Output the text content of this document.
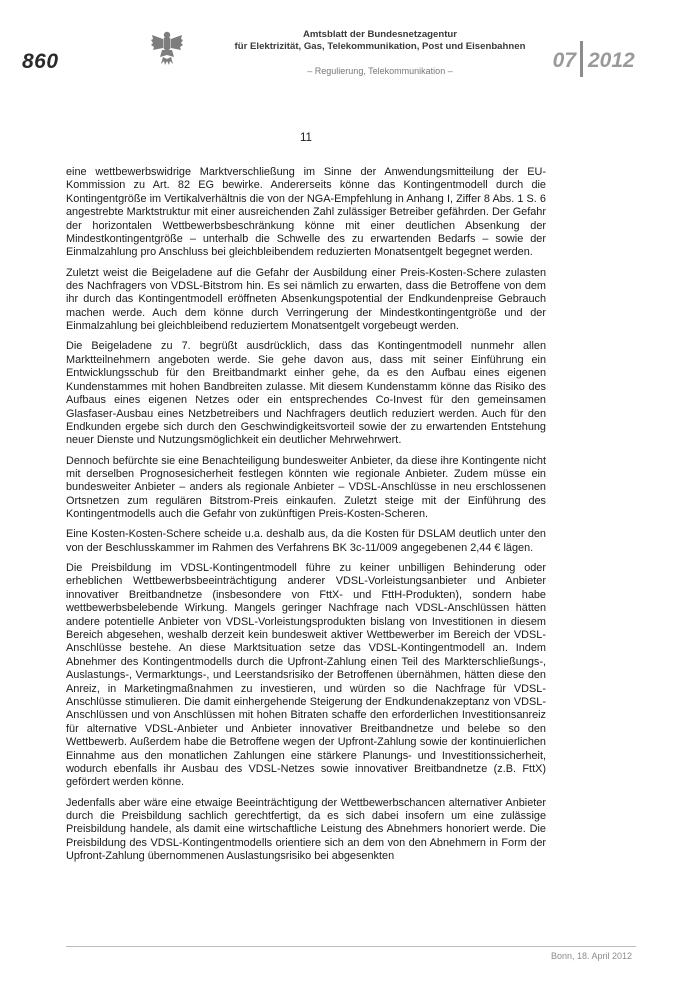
860
Amtsblatt der Bundesnetzagentur
für Elektrizität, Gas, Telekommunikation, Post und Eisenbahnen
– Regulierung, Telekommunikation –	07 2012
11

eine wettbewerbswidrige Marktverschließung im Sinne der Anwendungsmitteilung der EU-Kommission zu Art. 82 EG bewirke. Andererseits könne das Kontingentmodell durch die Kontingentgröße im Vertikalverhältnis die von der NGA-Empfehlung in Anhang I, Ziffer 8 Abs. 1 S. 6 angestrebte Marktstruktur mit einer ausreichenden Zahl zulässiger Betreiber gefährden. Der Gefahr der horizontalen Wettbewerbsbeschränkung könne mit einer deutlichen Absenkung der Mindestkontingentgröße – unterhalb die Schwelle des zu erwartenden Bedarfs – sowie der Einmalzahlung pro Anschluss bei gleichbleibendem reduzierten Monatsentgelt begegnet werden.

Zuletzt weist die Beigeladene auf die Gefahr der Ausbildung einer Preis-Kosten-Schere zulasten des Nachfragers von VDSL-Bitstrom hin. Es sei nämlich zu erwarten, dass die Betroffene von dem ihr durch das Kontingentmodell eröffneten Absenkungspotential der Endkundenpreise Gebrauch machen werde. Auch dem könne durch Verringerung der Mindestkontingentgröße und der Einmalzahlung bei gleichbleibend reduziertem Monatsentgelt vorgebeugt werden.

Die Beigeladene zu 7. begrüßt ausdrücklich, dass das Kontingentmodell nunmehr allen Marktteilnehmern angeboten werde. Sie gehe davon aus, dass mit seiner Einführung ein Entwicklungsschub für den Breitbandmarkt einher gehe, da es den Aufbau eines eigenen Kundenstammes mit hohen Bandbreiten zulasse. Mit diesem Kundenstamm könne das Risiko des Aufbaus eines eigenen Netzes oder ein entsprechendes Co-Invest für den gemeinsamen Glasfaser-Ausbau eines Netzbetreibers und Nachfragers deutlich reduziert werden. Auch für den Endkunden ergebe sich durch den Geschwindigkeitsvorteil sowie der zu erwartenden Entstehung neuer Dienste und Nutzungsmöglichkeit ein deutlicher Mehrwehrwert.

Dennoch befürchte sie eine Benachteiligung bundesweiter Anbieter, da diese ihre Kontingente nicht mit derselben Prognosesicherheit festlegen könnten wie regionale Anbieter. Zudem müsse ein bundesweiter Anbieter – anders als regionale Anbieter – VDSL-Anschlüsse in neu erschlossenen Ortsnetzen zum regulären Bitstrom-Preis einkaufen. Zuletzt steige mit der Einführung des Kontingentmodells auch die Gefahr von zukünftigen Preis-Kosten-Scheren.

Eine Kosten-Kosten-Schere scheide u.a. deshalb aus, da die Kosten für DSLAM deutlich unter den von der Beschlusskammer im Rahmen des Verfahrens BK 3c-11/009 angegebenen 2,44 € lägen.

Die Preisbildung im VDSL-Kontingentmodell führe zu keiner unbilligen Behinderung oder erheblichen Wettbewerbsbeeinträchtigung anderer VDSL-Vorleistungsanbieter und Anbieter innovativer Breitbandnetze (insbesondere von FttX- und FttH-Produkten), sondern habe wettbewerbsbelebende Wirkung. Mangels geringer Nachfrage nach VDSL-Anschlüssen hätten andere potentielle Anbieter von VDSL-Vorleistungsprodukten bislang von Investitionen in diesem Bereich abgesehen, weshalb derzeit kein bundesweit aktiver Wettbewerber im Bereich der VDSL-Anschlüsse bestehe. An diese Marktsituation setze das VDSL-Kontingentmodell an. Indem Abnehmer des Kontingentmodells durch die Upfront-Zahlung einen Teil des Markterschließungs-, Auslastungs-, Vermarktungs-, und Leerstandsrisiko der Betroffenen übernähmen, hätten diese den Anreiz, in Marketingmaßnahmen zu investieren, und würden so die Nachfrage für VDSL-Anschlüsse stimulieren. Die damit einhergehende Steigerung der Endkundenakzeptanz von VDSL-Anschlüssen und von Anschlüssen mit hohen Bitraten schaffe den erforderlichen Investitionsanreiz für alternative VDSL-Anbieter und Anbieter innovativer Breitbandnetze und belebe so den Wettbewerb. Außerdem habe die Betroffene wegen der Upfront-Zahlung sowie der kontinuierlichen Einnahme aus den monatlichen Zahlungen eine stärkere Planungs- und Investitionssicherheit, wodurch ebenfalls ihr Ausbau des VDSL-Netzes sowie innovativer Breitbandnetze (z.B. FttX) gefördert werden könne.

Jedenfalls aber wäre eine etwaige Beeinträchtigung der Wettbewerbschancen alternativer Anbieter durch die Preisbildung sachlich gerechtfertigt, da es sich dabei insofern um eine zulässige Preisbildung handele, als damit eine wirtschaftliche Leistung des Abnehmers honoriert werde. Die Preisbildung des VDSL-Kontingentmodells orientiere sich an dem von den Abnehmern in Form der Upfront-Zahlung übernommenen Auslastungsrisiko bei abgesenkten

Bonn, 18. April 2012
